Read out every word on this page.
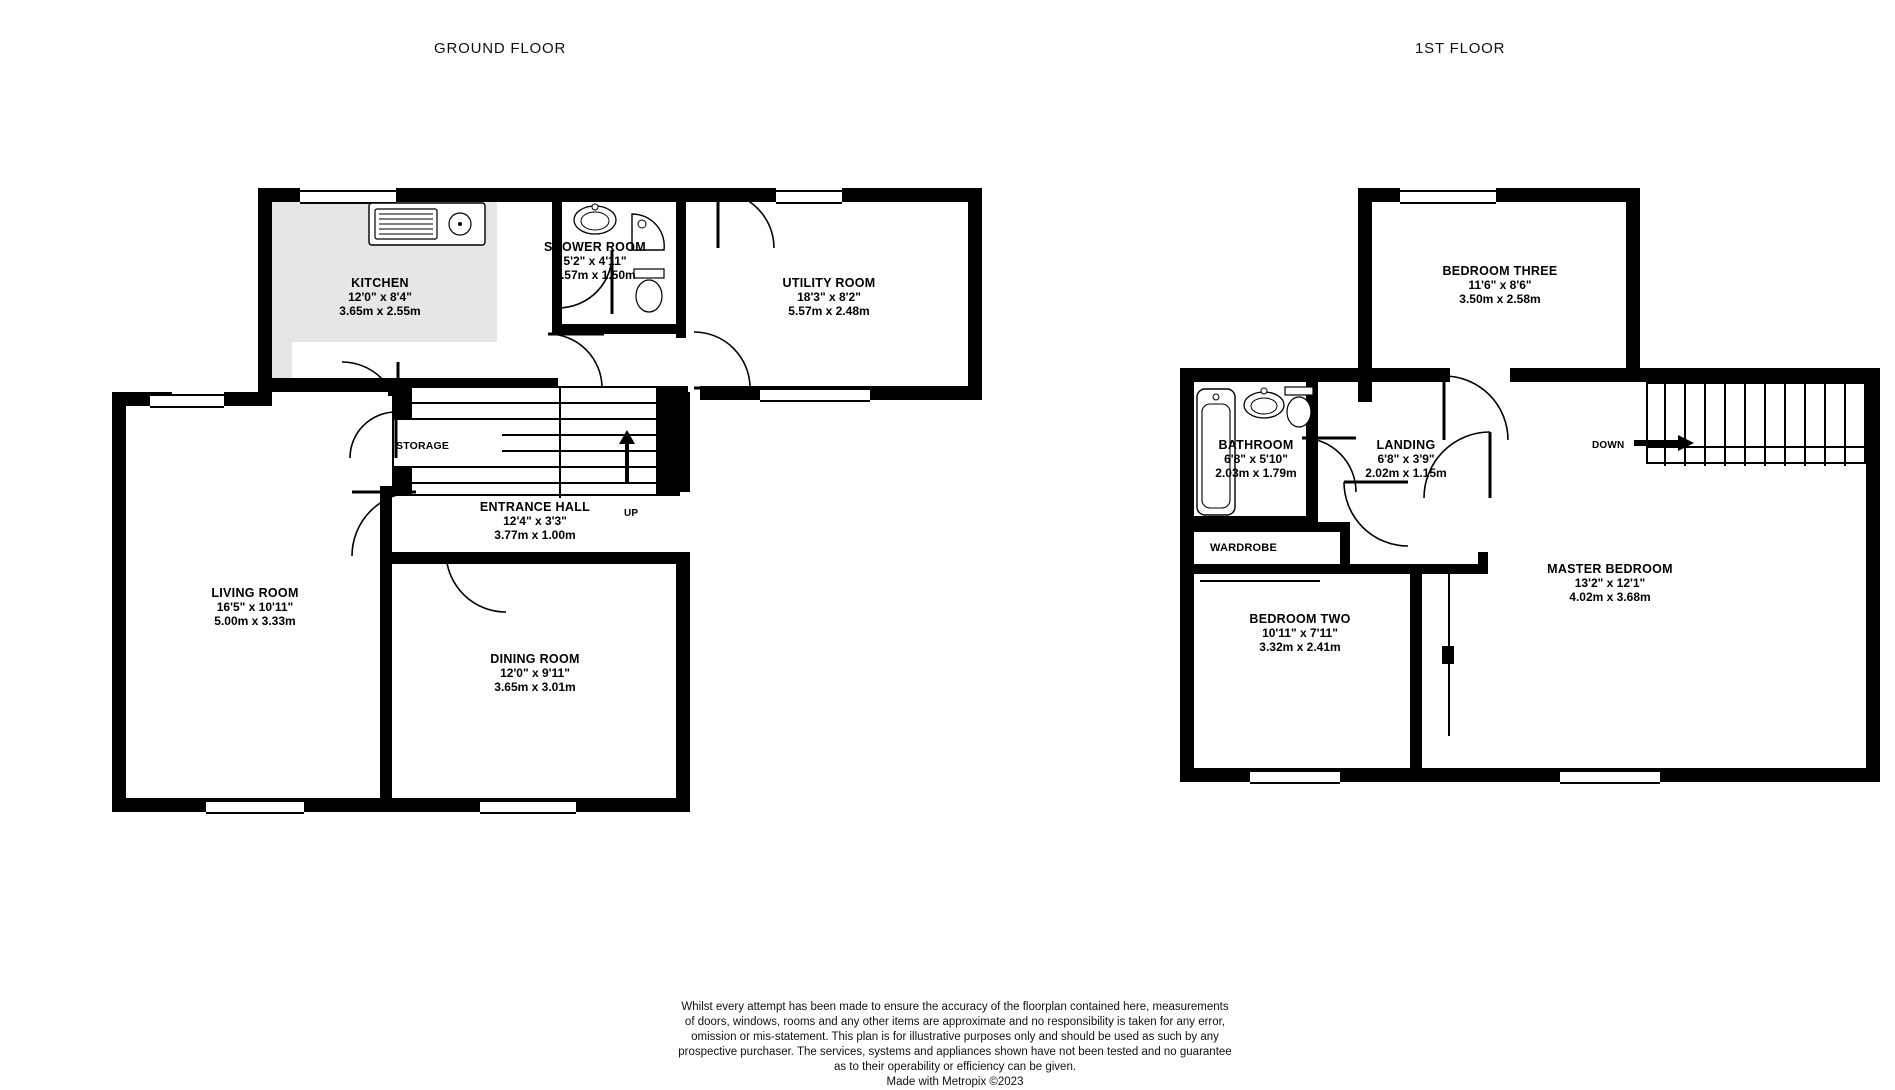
GROUND FLOOR	1ST FLOOR
UP
STORAGE
KITCHEN
12'0" x 8'4"
3.65m x 2.55m
SHOWER ROOM
5'2" x 4'11"
1.57m x 1.50m
UTILITY ROOM
18'3" x 8'2"
5.57m x 2.48m
ENTRANCE HALL
12'4" x 3'3"
3.77m x 1.00m
LIVING ROOM
16'5" x 10'11"
5.00m x 3.33m
DINING ROOM
12'0" x 9'11"
3.65m x 3.01m
WARDROBE
WARDROBE
DOWN
BEDROOM THREE
11'6" x 8'6"
3.50m x 2.58m
BATHROOM
6'8" x 5'10"
2.03m x 1.79m
LANDING
6'8" x 3'9"
2.02m x 1.15m
MASTER BEDROOM
13'2" x 12'1"
4.02m x 3.68m
BEDROOM TWO
10'11" x 7'11"
3.32m x 2.41m
Whilst every attempt has been made to ensure the accuracy of the floorplan contained here, measurements
of doors, windows, rooms and any other items are approximate and no responsibility is taken for any error,
omission or mis-statement. This plan is for illustrative purposes only and should be used as such by any
prospective purchaser. The services, systems and appliances shown have not been tested and no guarantee
as to their operability or efficiency can be given.
Made with Metropix ©2023
